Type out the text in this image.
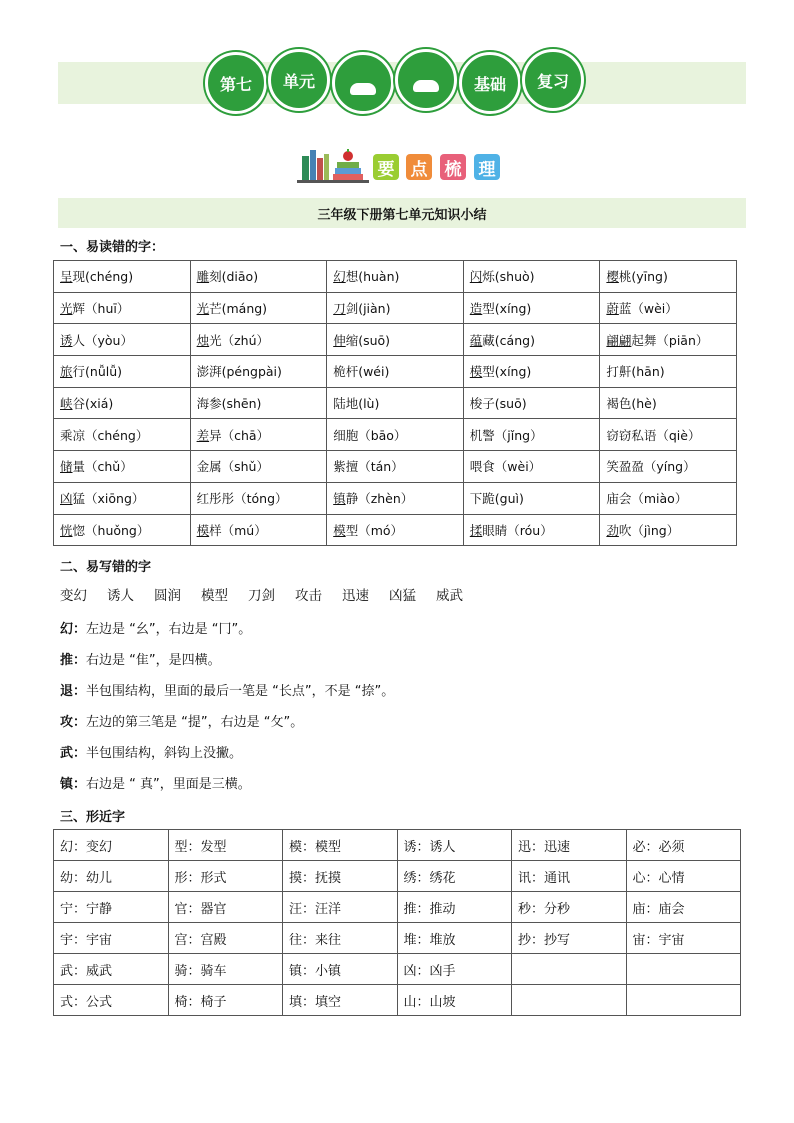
第七 单元	基础 复习
要 点 梳 理
三年级下册第七单元知识小结
一、易读错的字：
呈现(chéng)	雕刻(diāo)	幻想(huàn)	闪烁(shuò)	樱桃(yīng)
光辉（huī）	光芒(máng)	刀剑(jiàn)	造型(xíng)	蔚蓝（wèi）
诱人（yòu）	烛光（zhú）	伸缩(suō)	蕴藏(cáng)	翩翩起舞（piān）
旅行(nǚlǚ)	澎湃(péngpài)	桅杆(wéi)	模型(xíng)	打鼾(hān)
峡谷(xiá)	海参(shēn)	陆地(lù)	梭子(suō)	褐色(hè)
乘凉（chéng）	差异（chā）	细胞（bāo）	机警（jǐng）	窃窃私语（qiè）
储量（chǔ）	金属（shǔ）	紫擅（tán）	喂食（wèi）	笑盈盈（yíng）
凶猛（xiōng）	红彤彤（tóng）	镇静（zhèn）	下跪(guì)	庙会（miào）
恍惚（huǒng）	模样（mú）	模型（mó）	揉眼睛（róu）	劲吹（jìng）
二、易写错的字
变幻 诱人 圆润 模型 刀剑 攻击 迅速 凶猛 威武
幻：左边是 “幺”，右边是 “冂”。
推：右边是 “隹”，是四横。
退：半包围结构，里面的最后一笔是 “长点”，不是 “捺”。
攻：左边的第三笔是 “提”，右边是 “攵”。
武：半包围结构，斜钩上没撇。
镇：右边是 “ 真”，里面是三横。
三、形近字
幻：变幻	型：发型	模：模型	诱：诱人	迅：迅速	必：必须
幼：幼儿	形：形式	摸：抚摸	绣：绣花	讯：通讯	心：心情
宁：宁静	官：器官	汪：汪洋	推：推动	秒：分秒	庙：庙会
宇：宇宙	宫：宫殿	往：来往	堆：堆放	抄：抄写	宙：宇宙
武：威武	骑：骑车	镇：小镇	凶：凶手		
式：公式	椅：椅子	填：填空	山：山坡		
